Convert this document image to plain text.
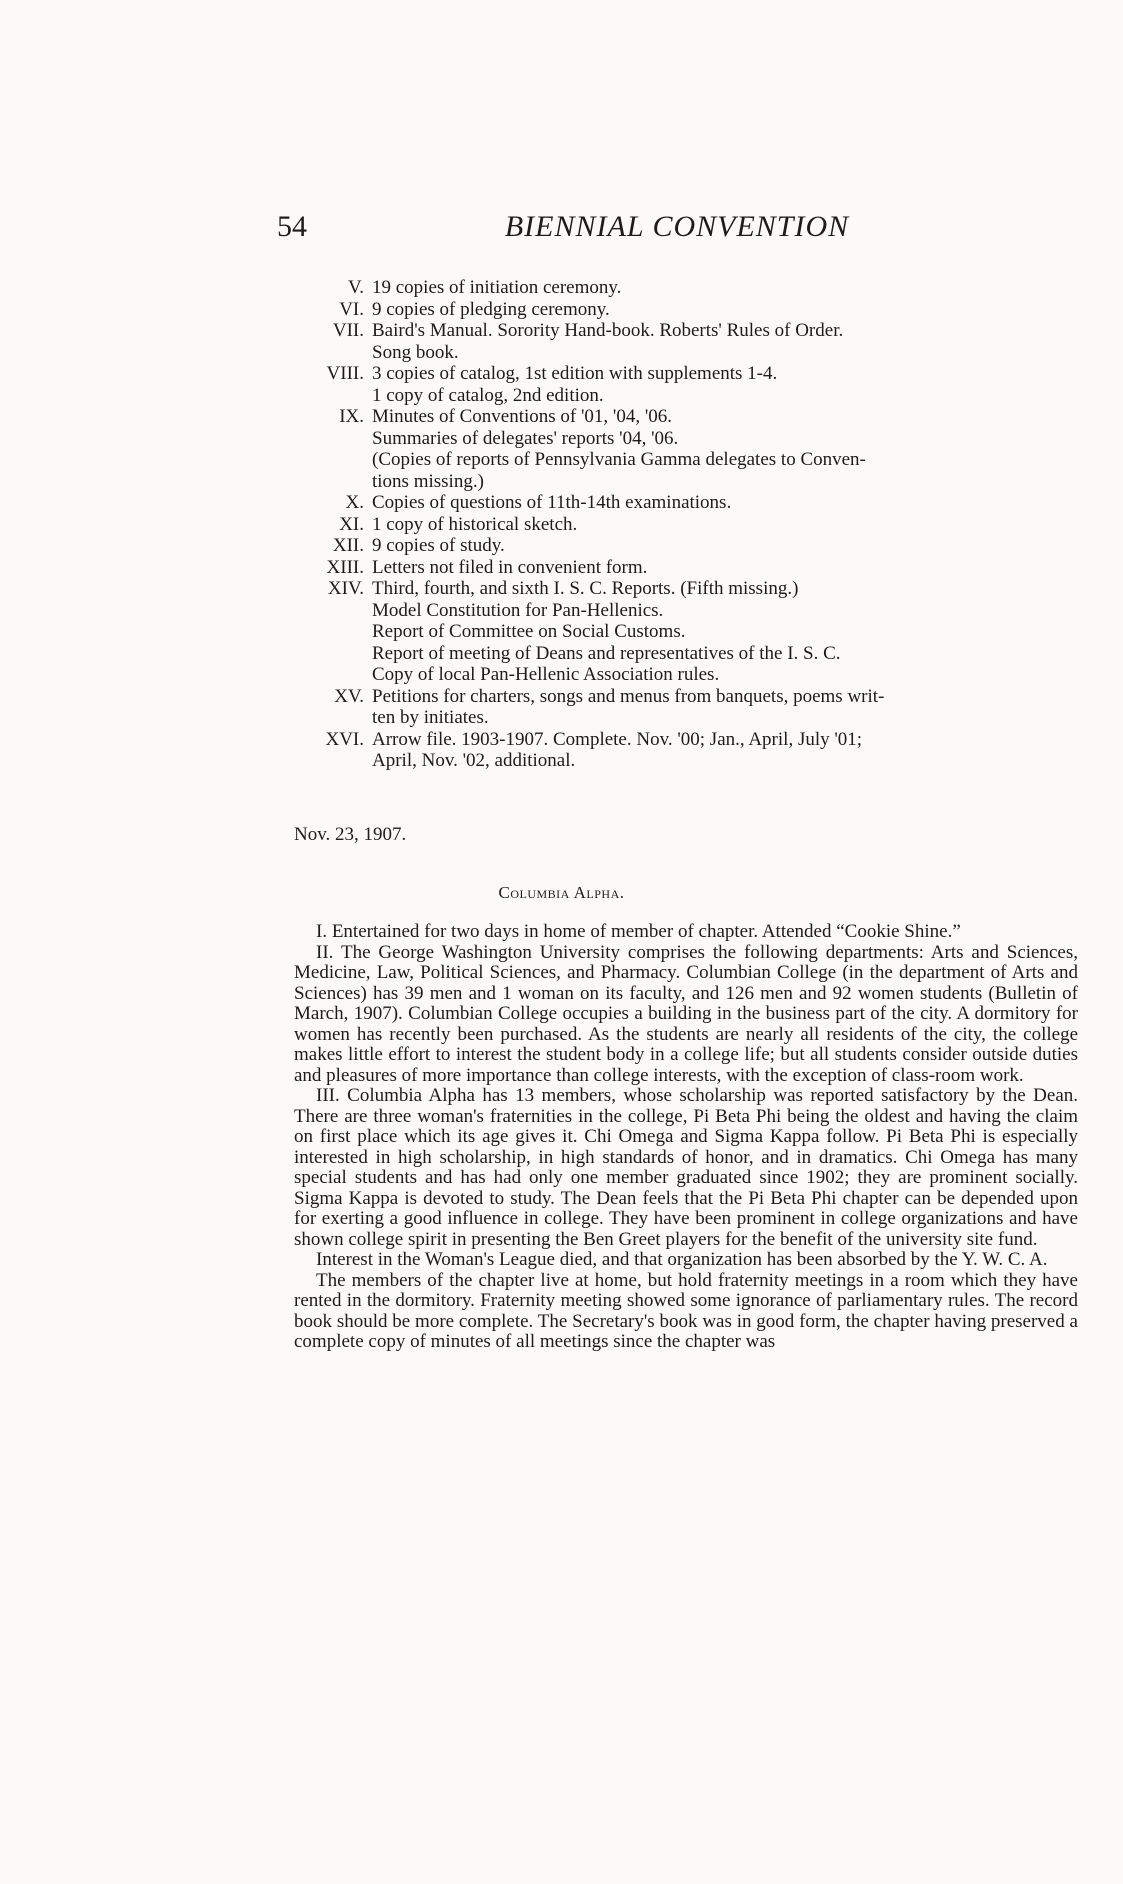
54	BIENNIAL CONVENTION
V. 19 copies of initiation ceremony.
VI. 9 copies of pledging ceremony.
VII. Baird's Manual. Sorority Hand-book. Roberts' Rules of Order.
Song book.
VIII. 3 copies of catalog, 1st edition with supplements 1-4.
1 copy of catalog, 2nd edition.
IX. Minutes of Conventions of '01, '04, '06.
Summaries of delegates' reports '04, '06.
(Copies of reports of Pennsylvania Gamma delegates to Conven-
tions missing.)
X. Copies of questions of 11th-14th examinations.
XI. 1 copy of historical sketch.
XII. 9 copies of study.
XIII. Letters not filed in convenient form.
XIV. Third, fourth, and sixth I. S. C. Reports. (Fifth missing.)
Model Constitution for Pan-Hellenics.
Report of Committee on Social Customs.
Report of meeting of Deans and representatives of the I. S. C.
Copy of local Pan-Hellenic Association rules.
XV. Petitions for charters, songs and menus from banquets, poems writ-
ten by initiates.
XVI. Arrow file. 1903-1907. Complete. Nov. '00; Jan., April, July '01;
April, Nov. '02, additional.
Nov. 23, 1907.
Columbia Alpha.

I. Entertained for two days in home of member of chapter. Attended “Cookie Shine.”

II. The George Washington University comprises the following departments: Arts and Sciences, Medicine, Law, Political Sciences, and Pharmacy. Columbian College (in the department of Arts and Sciences) has 39 men and 1 woman on its faculty, and 126 men and 92 women students (Bulletin of March, 1907). Columbian College occupies a building in the business part of the city. A dormitory for women has recently been purchased. As the students are nearly all residents of the city, the college makes little effort to interest the student body in a college life; but all students consider outside duties and pleasures of more importance than college interests, with the exception of class-room work.

III. Columbia Alpha has 13 members, whose scholarship was reported satisfactory by the Dean. There are three woman's fraternities in the college, Pi Beta Phi being the oldest and having the claim on first place which its age gives it. Chi Omega and Sigma Kappa follow. Pi Beta Phi is especially interested in high scholarship, in high standards of honor, and in dramatics. Chi Omega has many special students and has had only one member graduated since 1902; they are prominent socially. Sigma Kappa is devoted to study. The Dean feels that the Pi Beta Phi chapter can be depended upon for exerting a good influence in college. They have been prominent in college organizations and have shown college spirit in presenting the Ben Greet players for the benefit of the university site fund.

Interest in the Woman's League died, and that organization has been absorbed by the Y. W. C. A.

The members of the chapter live at home, but hold fraternity meetings in a room which they have rented in the dormitory. Fraternity meeting showed some ignorance of parliamentary rules. The record book should be more complete. The Secretary's book was in good form, the chapter having preserved a complete copy of minutes of all meetings since the chapter was
